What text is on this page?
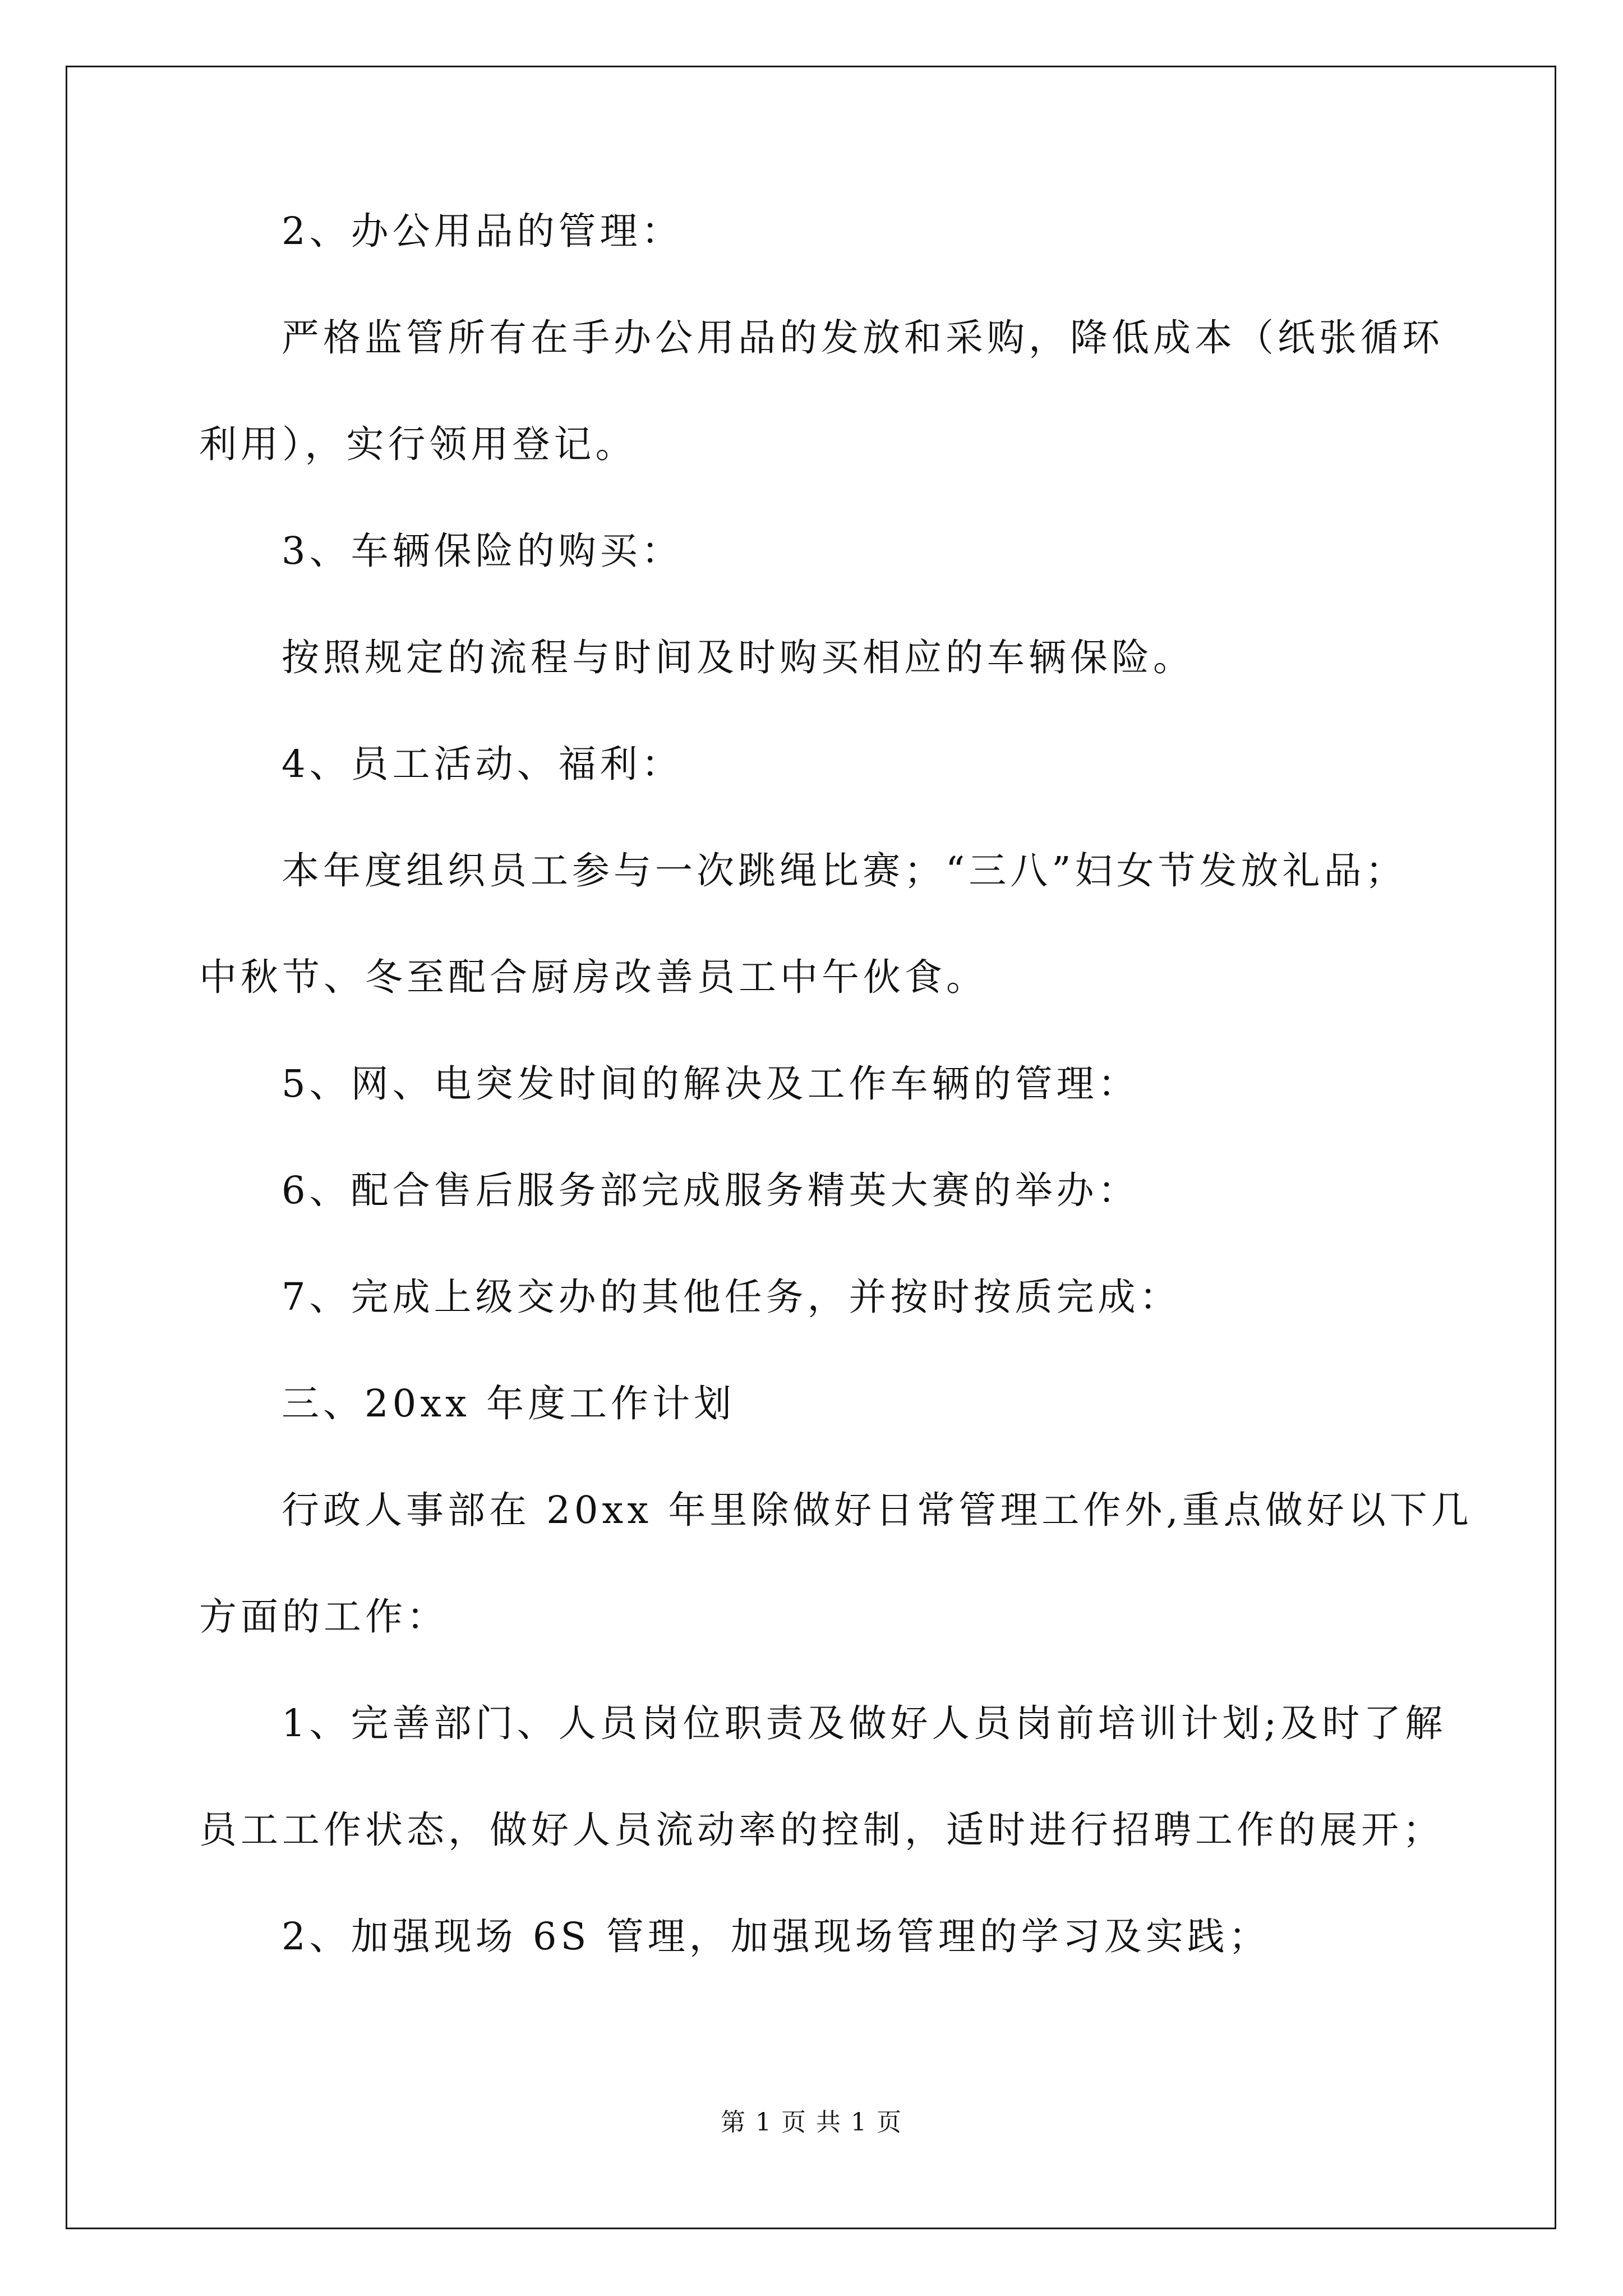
2、办公用品的管理：
严格监管所有在手办公用品的发放和采购，降低成本（纸张循环
利用），实行领用登记。
3、车辆保险的购买：
按照规定的流程与时间及时购买相应的车辆保险。
4、员工活动、福利：
本年度组织员工参与一次跳绳比赛；“三八”妇女节发放礼品；
中秋节、冬至配合厨房改善员工中午伙食。
5、网、电突发时间的解决及工作车辆的管理：
6、配合售后服务部完成服务精英大赛的举办：
7、完成上级交办的其他任务，并按时按质完成：
三、20xx 年度工作计划
行政人事部在 20xx 年里除做好日常管理工作外,重点做好以下几
方面的工作：
1、完善部门、人员岗位职责及做好人员岗前培训计划;及时了解
员工工作状态，做好人员流动率的控制，适时进行招聘工作的展开；
2、加强现场 6S 管理，加强现场管理的学习及实践；
第 1 页 共 1 页
